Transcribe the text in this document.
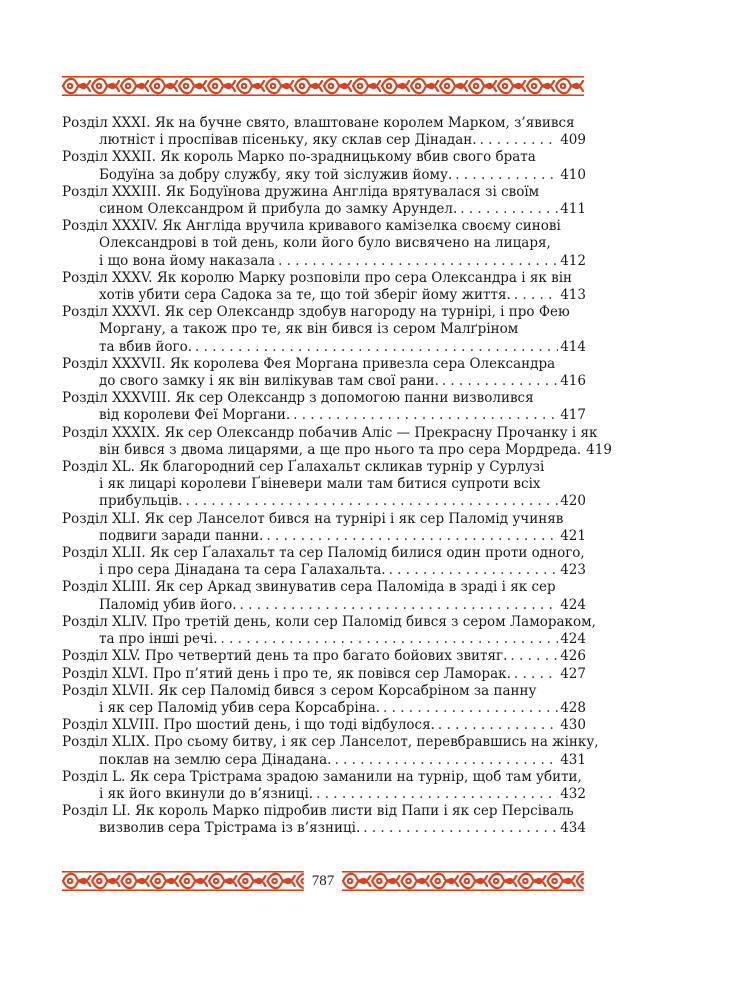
Розділ XXXI. Як на бучне свято, влаштоване королем Марком, з’явився
лютніст і проспівав пісеньку, яку склав сер Дінадан. . . .	409
Розділ XXXII. Як король Марко по-зрадницькому вбив свого брата
Бодуїна за добру службу, яку той зіслужив йому. . . .	410
Розділ XXXIII. Як Бодуїнова дружина Англіда врятувалася зі своїм
сином Олександром й прибула до замку Арундел. . . .	411
Розділ XXXIV. Як Англіда вручила кривавого камізелка своєму синові
Олександрові в той день, коли його було висвячено на лицаря,
і що вона йому наказала . . .	412
Розділ XXXV. Як королю Марку розповіли про сера Олександра і як він
хотів убити сера Садока за те, що той зберіг йому життя. . . .	413
Розділ XXXVI. Як сер Олександр здобув нагороду на турнірі, і про Фею
Моргану, а також про те, як він бився із сером Малґріном
та вбив його. . . .	414
Розділ XXXVII. Як королева Фея Моргана привезла сера Олександра
до свого замку і як він вилікував там свої рани. . . .	416
Розділ XXXVIII. Як сер Олександр з допомогою панни визволився
від королеви Феї Моргани. . . .	417
Розділ XXXIX. Як сер Олександр побачив Аліс — Прекрасну Прочанку і як
він бився з двома лицарями, а ще про нього та про сера Мордреда. . . . 419
Розділ XL. Як благородний сер Ґалахальт скликав турнір у Сурлузі
і як лицарі королеви Ґвіневери мали там битися супроти всіх
прибульців. . . .	420
Розділ XLI. Як сер Ланселот бився на турнірі і як сер Паломід учиняв
подвиги заради панни. . . .	421
Розділ XLII. Як сер Ґалахальт та сер Паломід билися один проти одного,
і про сера Дінадана та сера Галахальта. . . .	423
Розділ XLIII. Як сер Аркад звинуватив сера Паломіда в зраді і як сер
Паломід убив його. . . .	424
Розділ XLIV. Про третій день, коли сер Паломід бився з сером Ламораком,
та про інші речі. . . .	424
Розділ XLV. Про четвертий день та про багато бойових звитяг. . . .	426
Розділ XLVI. Про п’ятий день і про те, як повівся сер Ламорак. . . .	427
Розділ XLVII. Як сер Паломід бився з сером Корсабріном за панну
і як сер Паломід убив сера Корсабріна. . . .	428
Розділ XLVIII. Про шостий день, і що тоді відбулося. . . .	430
Розділ XLIX. Про сьому битву, і як сер Ланселот, перевбравшись на жінку,
поклав на землю сера Дінадана. . . .	431
Розділ L. Як сера Трістрама зрадою заманили на турнір, щоб там убити,
і як його вкинули до в’язниці. . . .	432
Розділ LI. Як король Марко підробив листи від Папи і як сер Персіваль
визволив сера Трістрама із в’язниці. . . .	434
787
